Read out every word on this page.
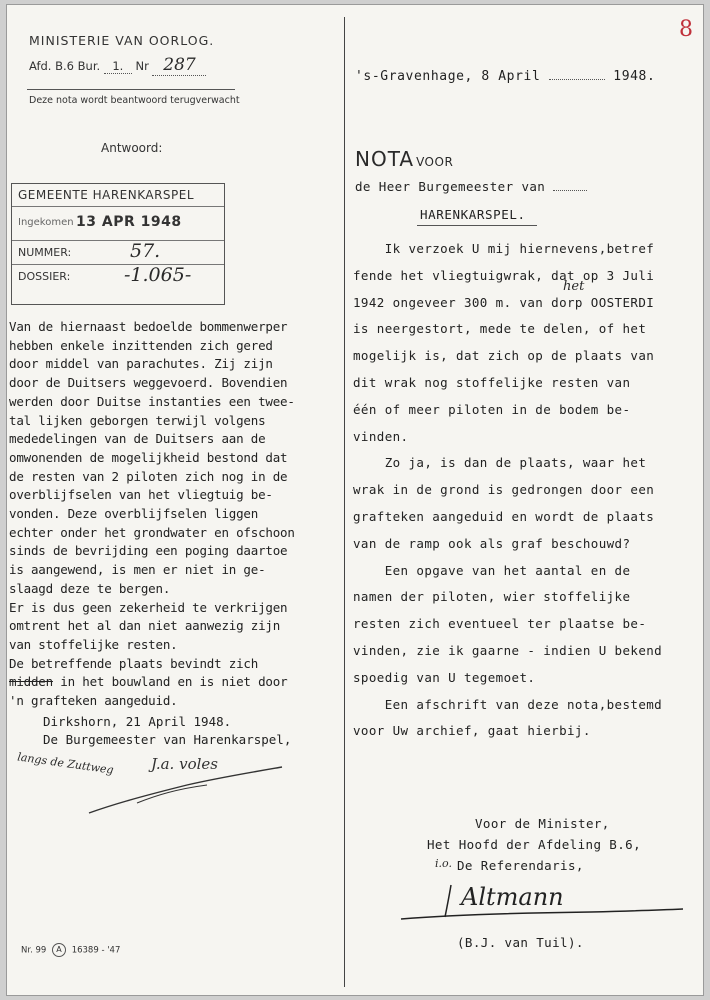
MINISTERIE VAN OORLOG.
Afd. B.6 Bur. 1. Nr 287
Deze nota wordt beantwoord terugverwacht
Antwoord:
GEMEENTE HARENKARSPEL
Ingekomen 13 APR 1948
NUMMER:	57.
DOSSIER:	-1.065-
Van de hiernaast bedoelde bommenwerper
hebben enkele inzittenden zich gered
door middel van parachutes. Zij zijn
door de Duitsers weggevoerd. Bovendien
werden door Duitse instanties een twee-
tal lijken geborgen terwijl volgens
mededelingen van de Duitsers aan de
omwonenden de mogelijkheid bestond dat
de resten van 2 piloten zich nog in de
overblijfselen van het vliegtuig be-
vonden. Deze overblijfselen liggen
echter onder het grondwater en ofschoon
sinds de bevrijding een poging daartoe
is aangewend, is men er niet in ge-
slaagd deze te bergen.
Er is dus geen zekerheid te verkrijgen
omtrent het al dan niet aanwezig zijn
van stoffelijke resten.
De betreffende plaats bevindt zich
midden in het bouwland en is niet door
'n grafteken aangeduid.
Dirkshorn, 21 April 1948.
De Burgemeester van Harenkarspel,
langs de Zuttweg J.a. voles
's-Gravenhage, 8 April	1948.
8
NOTA VOOR
de Heer Burgemeester van
HARENKARSPEL.
Ik verzoek U mij hiernevens,betref
fende het vliegtuigwrak, dat op 3 Juli
1942 ongeveer 300 m. van dorp OOSTERDI
is neergestort, mede te delen, of het
mogelijk is, dat zich op de plaats van
dit wrak nog stoffelijke resten van
één of meer piloten in de bodem be-
vinden.
Zo ja, is dan de plaats, waar het
wrak in de grond is gedrongen door een
grafteken aangeduid en wordt de plaats
van de ramp ook als graf beschouwd?
Een opgave van het aantal en de
namen der piloten, wier stoffelijke
resten zich eventueel ter plaatse be-
vinden, zie ik gaarne - indien U bekend
spoedig van U tegemoet.
Een afschrift van deze nota,bestemd
voor Uw archief, gaat hierbij.
het
Voor de Minister,
Het Hoofd der Afdeling B.6,
De Referendaris,
i.o.
Altmann
(B.J. van Tuil).
Nr. 99 A 16389 - '47
